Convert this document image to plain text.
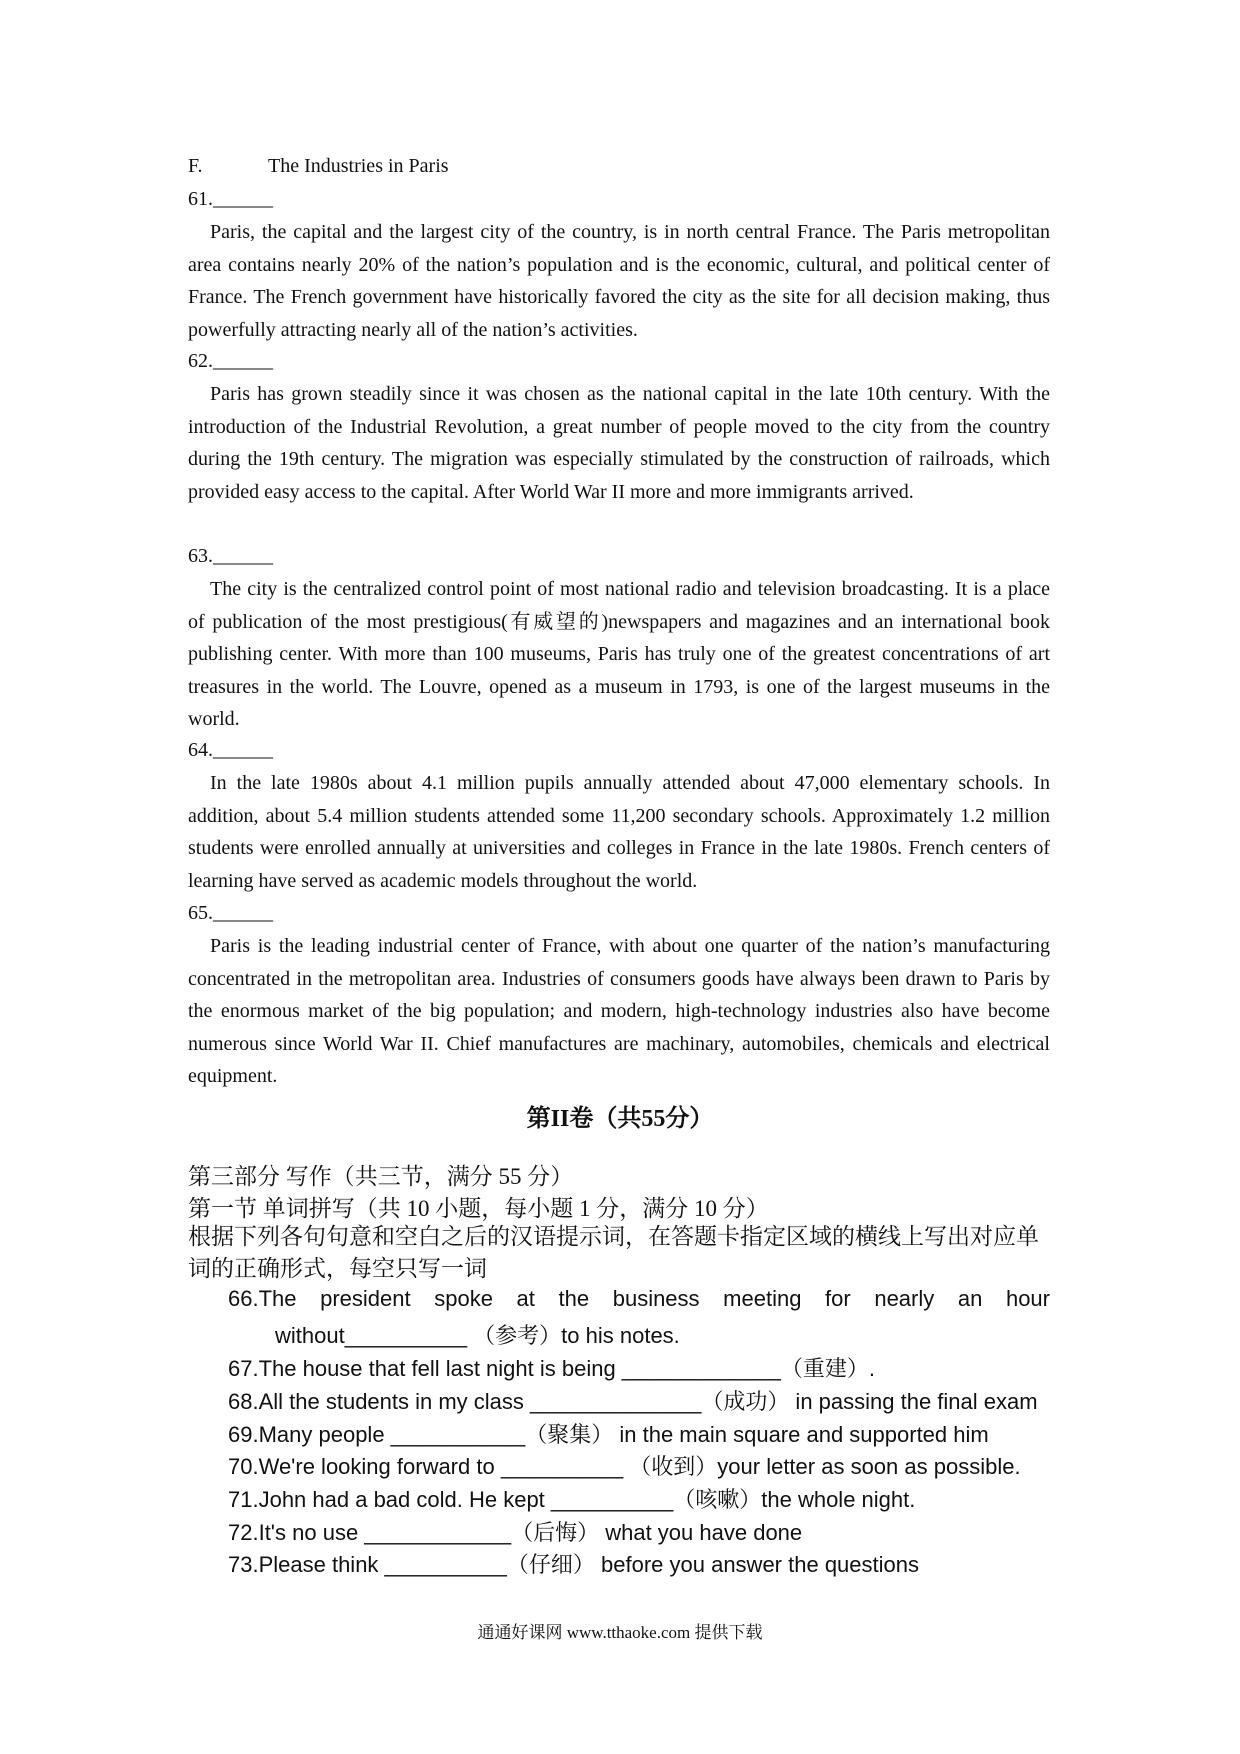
F.	The Industries in Paris
61.______

Paris, the capital and the largest city of the country, is in north central France. The Paris metropolitan area contains nearly 20% of the nation’s population and is the economic, cultural, and political center of France. The French government have historically favored the city as the site for all decision making, thus powerfully attracting nearly all of the nation’s activities.

62.______

Paris has grown steadily since it was chosen as the national capital in the late 10th century. With the introduction of the Industrial Revolution, a great number of people moved to the city from the country during the 19th century. The migration was especially stimulated by the construction of railroads, which provided easy access to the capital. After World War II more and more immigrants arrived.

63.______

The city is the centralized control point of most national radio and television broadcasting. It is a place of publication of the most prestigious(有威望的)newspapers and magazines and an international book publishing center. With more than 100 museums, Paris has truly one of the greatest concentrations of art treasures in the world. The Louvre, opened as a museum in 1793, is one of the largest museums in the world.

64.______

In the late 1980s about 4.1 million pupils annually attended about 47,000 elementary schools. In addition, about 5.4 million students attended some 11,200 secondary schools. Approximately 1.2 million students were enrolled annually at universities and colleges in France in the late 1980s. French centers of learning have served as academic models throughout the world.

65.______

Paris is the leading industrial center of France, with about one quarter of the nation’s manufacturing concentrated in the metropolitan area. Industries of consumers goods have always been drawn to Paris by the enormous market of the big population; and modern, high-technology industries also have become numerous since World War II. Chief manufactures are machinary, automobiles, chemicals and electrical equipment.

第II卷（共55分）
第三部分 写作（共三节，满分 55 分）
第一节 单词拼写（共 10 小题，每小题 1 分，满分 10 分）

根据下列各句句意和空白之后的汉语提示词，在答题卡指定区域的横线上写出对应单词的正确形式，每空只写一词

66.The president spoke at the business meeting for nearly an hour
without__________ （参考）to his notes.
67.The house that fell last night is being _____________（重建）.
68.All the students in my class ______________（成功） in passing the final exam
69.Many people ___________（聚集） in the main square and supported him
70.We're looking forward to __________ （收到）your letter as soon as possible.
71.John had a bad cold. He kept __________（咳嗽）the whole night.
72.It's no use ____________（后悔） what you have done
73.Please think __________（仔细） before you answer the questions
通通好课网 www.tthaoke.com 提供下载
